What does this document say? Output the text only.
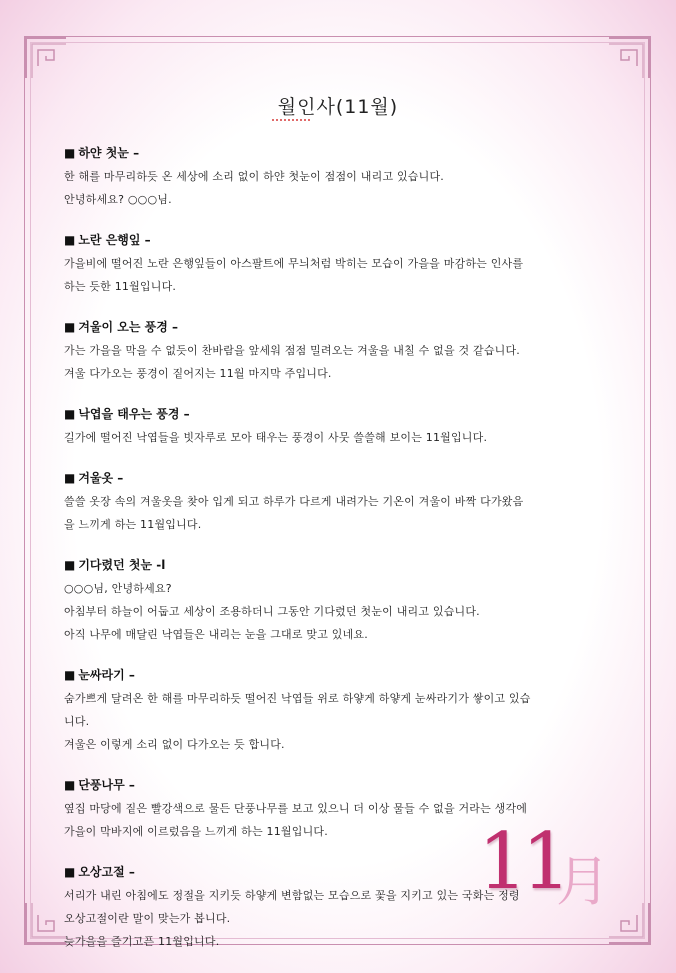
월인사(11월)
■ 하얀 첫눈 –
한 해를 마무리하듯 온 세상에 소리 없이 하얀 첫눈이 점점이 내리고 있습니다.
안녕하세요? ○○○님.
■ 노란 은행잎 –
가을비에 떨어진 노란 은행잎들이 아스팔트에 무늬처럼 박히는 모습이 가을을 마감하는 인사를
하는 듯한 11월입니다.
■ 겨울이 오는 풍경 –
가는 가을을 막을 수 없듯이 찬바람을 앞세워 점점 밀려오는 겨울을 내칠 수 없을 것 같습니다.
겨울 다가오는 풍경이 짙어지는 11월 마지막 주입니다.
■ 낙엽을 태우는 풍경 –
길가에 떨어진 낙엽들을 빗자루로 모아 태우는 풍경이 사뭇 쓸쓸해 보이는 11월입니다.
■ 겨울옷 –
쓸쓸 옷장 속의 겨울옷을 찾아 입게 되고 하루가 다르게 내려가는 기온이 겨울이 바짝 다가왔음
을 느끼게 하는 11월입니다.
■ 기다렸던 첫눈 -l
○○○님, 안녕하세요?
아침부터 하늘이 어둡고 세상이 조용하더니 그동안 기다렸던 첫눈이 내리고 있습니다.
아직 나무에 매달린 낙엽들은 내리는 눈을 그대로 맞고 있네요.
■ 눈싸라기 –
숨가쁘게 달려온 한 해를 마무리하듯 떨어진 낙엽들 위로 하얗게 하얗게 눈싸라기가 쌓이고 있습
니다.
겨울은 이렇게 소리 없이 다가오는 듯 합니다.
■ 단풍나무 –
옆집 마당에 짙은 빨강색으로 물든 단풍나무를 보고 있으니 더 이상 물들 수 없을 거라는 생각에
가을이 막바지에 이르렀음을 느끼게 하는 11월입니다.
■ 오상고절 –
서리가 내린 아침에도 정절을 지키듯 하얗게 변함없는 모습으로 꽃을 지키고 있는 국화는 정령
오상고절이란 말이 맞는가 봅니다.
늦가을을 즐기고픈 11월입니다.
11
月
